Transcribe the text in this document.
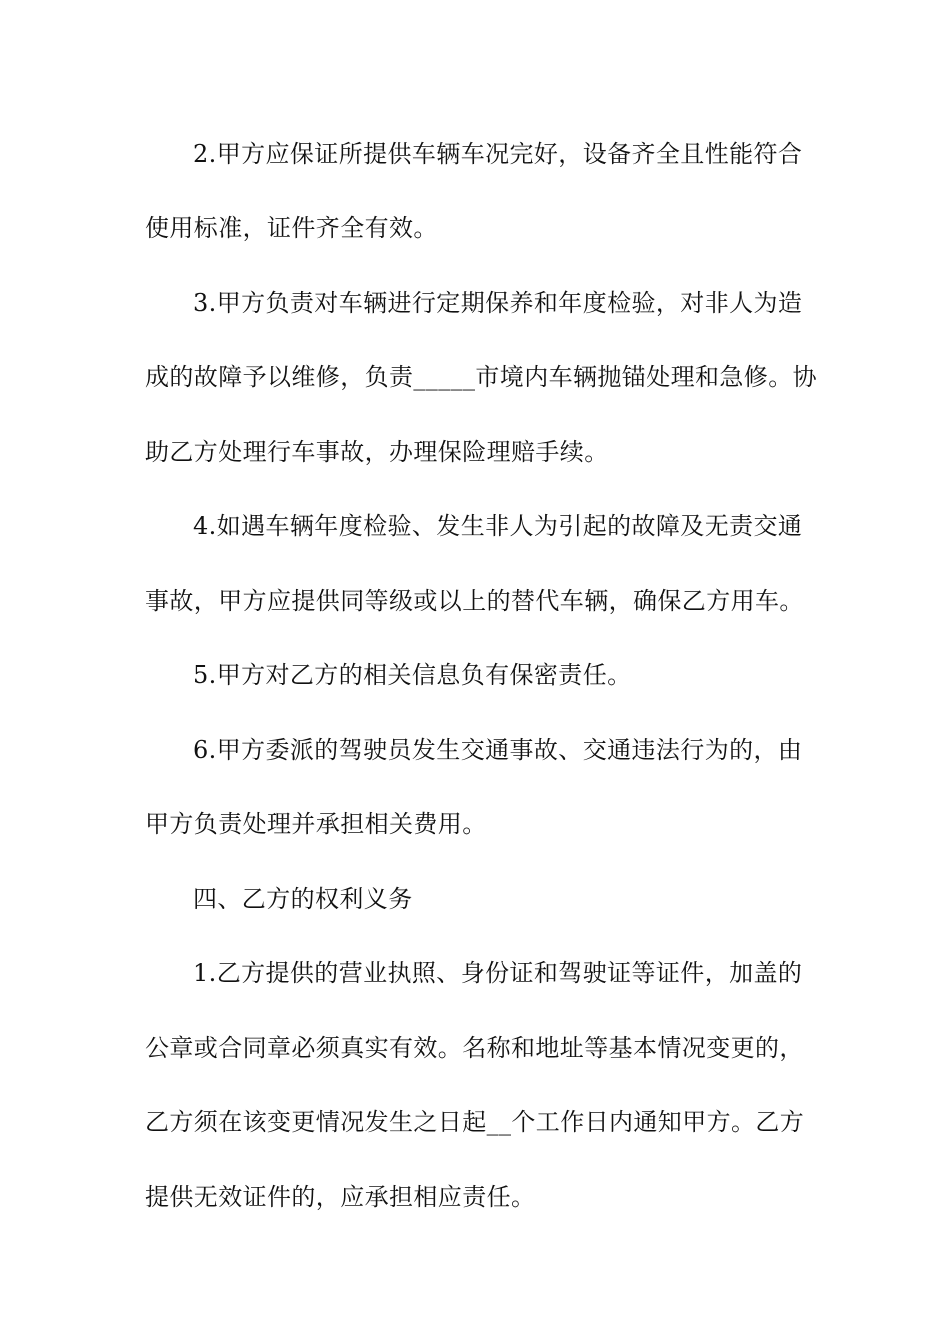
2.甲方应保证所提供车辆车况完好，设备齐全且性能符合
使用标准，证件齐全有效。
3.甲方负责对车辆进行定期保养和年度检验，对非人为造
成的故障予以维修，负责_____市境内车辆抛锚处理和急修。协
助乙方处理行车事故，办理保险理赔手续。
4.如遇车辆年度检验、发生非人为引起的故障及无责交通
事故，甲方应提供同等级或以上的替代车辆，确保乙方用车。
5.甲方对乙方的相关信息负有保密责任。
6.甲方委派的驾驶员发生交通事故、交通违法行为的，由
甲方负责处理并承担相关费用。
四、乙方的权利义务
1.乙方提供的营业执照、身份证和驾驶证等证件，加盖的
公章或合同章必须真实有效。名称和地址等基本情况变更的，
乙方须在该变更情况发生之日起__个工作日内通知甲方。乙方
提供无效证件的，应承担相应责任。
